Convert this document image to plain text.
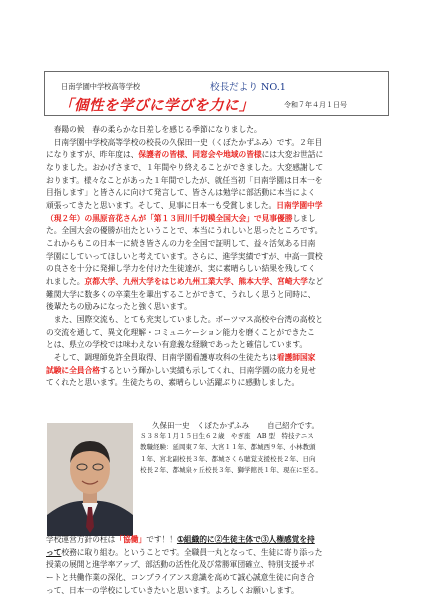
日南学園中学校高等学校	校長だより NO.1
「個性を学びに学びを力に」	令和７年４月１日号
　春陽の候　春の柔らかな日差しを感じる季節になりました。
　日南学園中学校高等学校の校長の久保田一史（くぼたかずふみ）です。２年目
になりますが、昨年度は、保護者の皆様、同窓会や地域の皆様には大変お世話に
なりました。おかげさまで、１年間やり終えることができました。大変感謝して
おります。様々なことがあった１年間でしたが、就任当初「日南学園は日本一を
目指します」と皆さんに向けて発言して、皆さんは勉学に部活動に本当によく
頑張ってきたと思います。そして、見事に日本一も受賞しました。日南学園中学
（現２年）の黒原音花さんが「第１３回川千切模全国大会」で見事優勝しまし
た。全国大会の優勝が出たということで、本当にうれしいと思ったところです。
これからもこの日本一に続き皆さんの力を全国で証明して、益々活気ある日南
学園にしていってほしいと考えています。さらに、進学実績ですが、中高一貫校
の良さを十分に発揮し学力を付けた生徒達が、実に素晴らしい結果を残してく
れました。京都大学、九州大学をはじめ九州工業大学、熊本大学、宮崎大学など
難関大学に数多くの卒業生を輩出することができて、うれしく思うと同時に、
後輩たちの励みになったと強く思います。
　また、国際交流も、とても充実していました。ボーツマス高校や台湾の高校と
の交流を通して、異文化理解・コミュニケーション能力を磨くことができたこ
とは、県立の学校では味わえない有意義な経験であったと確信しています。
　そして、調理師免許全員取得、日南学園看護専攻科の生徒たちは看護師国家
試験に全員合格するという輝かしい実績も示してくれ、日南学園の底力を見せ
てくれたと思います。生徒たちの、素晴らしい活躍ぶりに感動しました。
久保田一史　くぼたかずふみ 自己紹介です。
Ｓ３８年１月１５日生６２歳　やぎ座　AB 型　特技テニス
教職経験：延岡東７年、大宮１１年、都城西９年、小林教頭
１年、宮北副校長３年、都城さくら聴覚支援校長２年、日向
校長２年、都城泉ヶ丘校長３年、獅学館長１年、現在に至る。
学校運営方針の柱は「協働」です！！①組織的に②生徒主体で③人権感覚を持
って校務に取り組む。ということです。全職員一丸となって、生徒に寄り添った
授業の展開と進学率アップ、部活動の活性化及び常勝軍団確立、特別支援サポ
ートと共働作業の深化、コンプライアンス意識を高めて誠心誠意生徒に向き合
って、日本一の学校にしていきたいと思います。よろしくお願いします。
